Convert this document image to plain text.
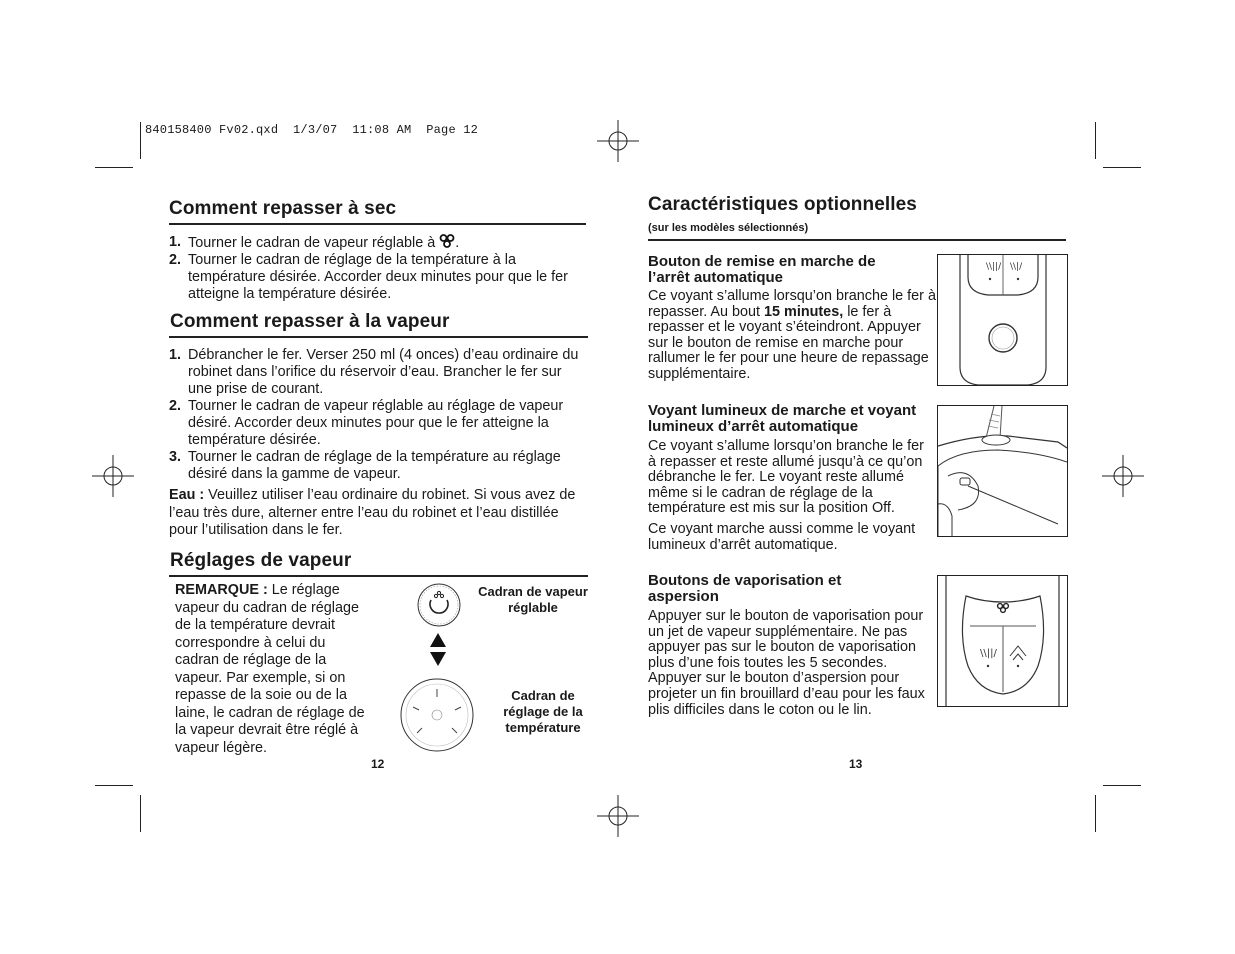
840158400 Fv02.qxd  1/3/07  11:08 AM  Page 12
Comment repasser à sec
1. Tourner le cadran de vapeur réglable à .
2. Tourner le cadran de réglage de la température à la température désirée. Accorder deux minutes pour que le fer atteigne la température désirée.
Comment repasser à la vapeur
1. Débrancher le fer. Verser 250 ml (4 onces) d’eau ordinaire du robinet dans l’orifice du réservoir d’eau. Brancher le fer sur une prise de courant.
2. Tourner le cadran de vapeur réglable au réglage de vapeur désiré. Accorder deux minutes pour que le fer atteigne la température désirée.
3. Tourner le cadran de réglage de la température au réglage désiré dans la gamme de vapeur.

Eau : Veuillez utiliser l’eau ordinaire du robinet. Si vous avez de l’eau très dure, alterner entre l’eau du robinet et l’eau distillée pour l’utilisation dans le fer.

Réglages de vapeur

REMARQUE : Le réglage vapeur du cadran de réglage de la température devrait correspondre à celui du cadran de réglage de la vapeur. Par exemple, si on repasse de la soie ou de la laine, le cadran de réglage de la vapeur devrait être réglé à vapeur légère.

Cadran de vapeur réglable
Cadran de réglage de la température
12
Caractéristiques optionnelles
(sur les modèles sélectionnés)
Bouton de remise en marche de l’arrêt automatique

Ce voyant s’allume lorsqu’on branche le fer à repasser. Au bout 15 minutes, le fer à repasser et le voyant s’éteindront. Appuyer sur le bouton de remise en marche pour rallumer le fer pour une heure de repassage supplémentaire.

\\||/ \\|/
Voyant lumineux de marche et voyant lumineux d’arrêt automatique

Ce voyant s’allume lorsqu’on branche le fer à repasser et reste allumé jusqu’à ce qu’on débranche le fer. Le voyant reste allumé même si le cadran de réglage de la température est mis sur la position Off.

Ce voyant marche aussi comme le voyant lumineux d’arrêt automatique.

Boutons de vaporisation et aspersion

Appuyer sur le bouton de vaporisation pour un jet de vapeur supplémentaire. Ne pas appuyer pas sur le bouton de vaporisation plus d’une fois toutes les 5 secondes. Appuyer sur le bouton d’aspersion pour projeter un fin brouillard d’eau pour les faux plis difficiles dans le coton ou le lin.

\\||/
13
